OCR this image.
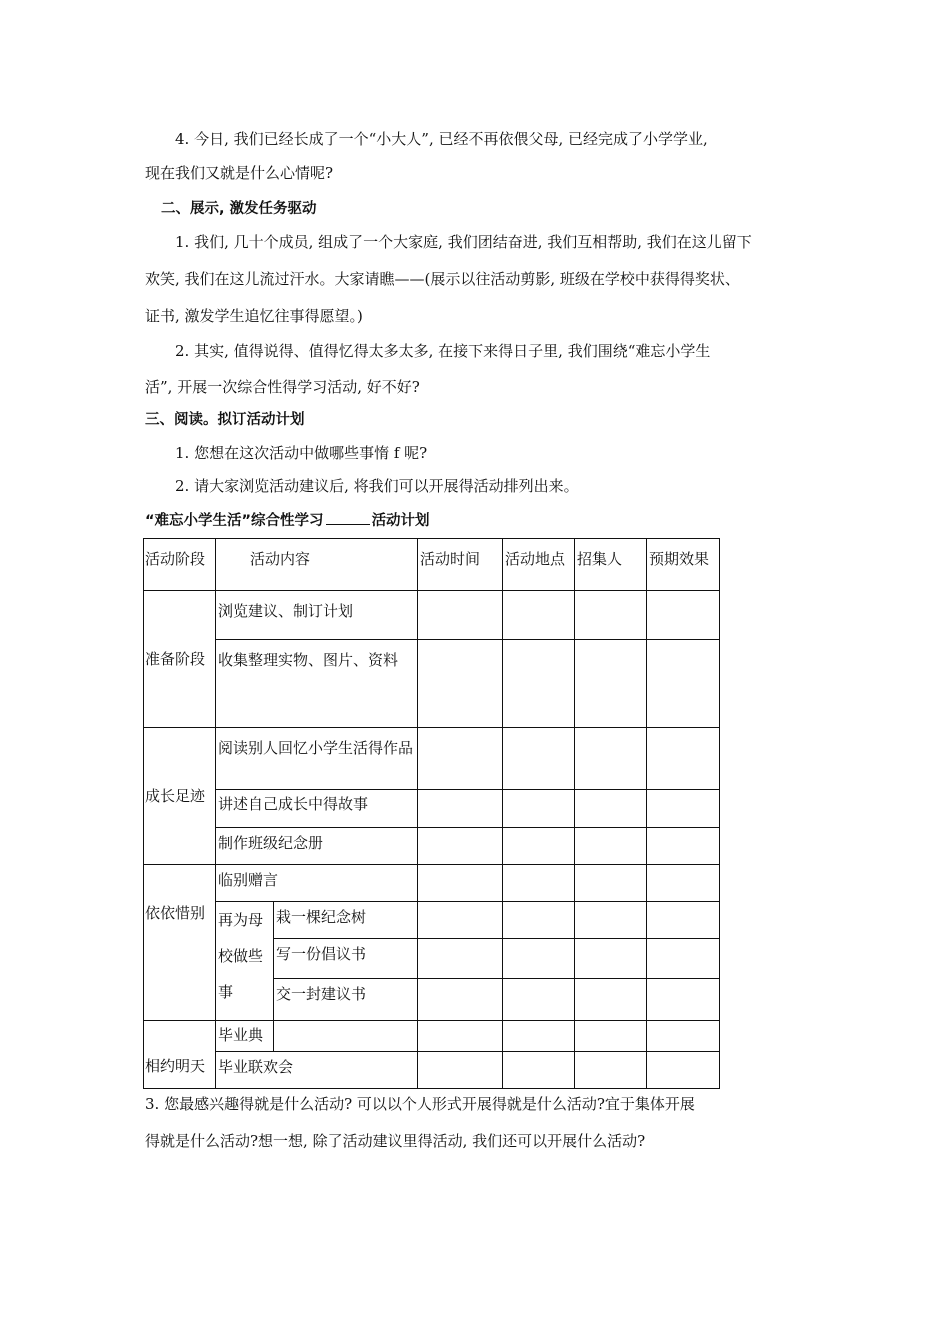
4. 今日, 我们已经长成了一个“小大人”, 已经不再依偎父母, 已经完成了小学学业,
现在我们又就是什么心情呢?
二、展示, 激发任务驱动
1. 我们, 几十个成员, 组成了一个大家庭, 我们团结奋进, 我们互相帮助, 我们在这儿留下
欢笑, 我们在这儿流过汗水。大家请瞧——(展示以往活动剪影, 班级在学校中获得得奖状、
证书, 激发学生追忆往事得愿望。)
2. 其实, 值得说得、值得忆得太多太多, 在接下来得日子里, 我们围绕“难忘小学生
活”, 开展一次综合性得学习活动, 好不好?
三、阅读。拟订活动计划
1. 您想在这次活动中做哪些事惰 f 呢?
2. 请大家浏览活动建议后, 将我们可以开展得活动排列出来。
“难忘小学生活”综合性学习	活动计划
活动阶段	活动内容		活动时间	活动地点	招集人	预期效果
准备阶段	浏览建议、制订计划					
	收集整理实物、图片、资料					
成长足迹	阅读别人回忆小学生活得作品					
	讲述自己成长中得故事					
	制作班级纪念册					
依依惜别	临别赠言					
	再为母校做些事	栽一棵纪念树				
		写一份倡议书				
		交一封建议书				
相约明天	毕业典					
	毕业联欢会					
3. 您最感兴趣得就是什么活动? 可以以个人形式开展得就是什么活动?宜于集体开展
得就是什么活动?想一想, 除了活动建议里得活动, 我们还可以开展什么活动?
